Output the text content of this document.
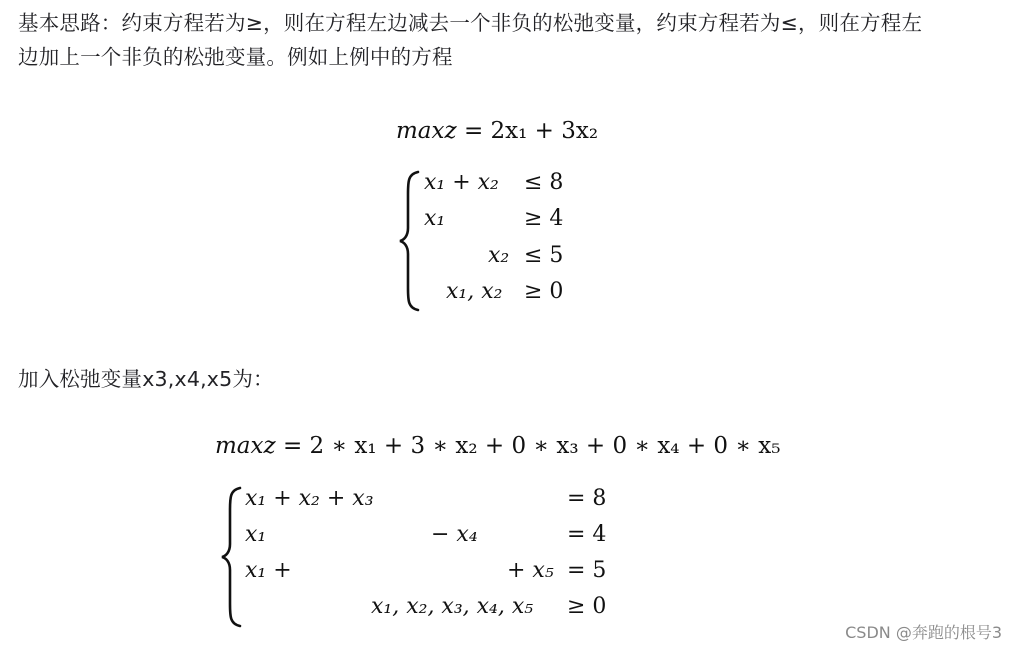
基本思路：约束方程若为≥，则在方程左边减去一个非负的松弛变量，约束方程若为≤，则在方程左
边加上一个非负的松弛变量。例如上例中的方程

maxz = 2x₁ + 3x₂
x₁ + x₂ ≤ 8
x₁	≥ 4
x₂ ≤ 5
x₁, x₂ ≥ 0

加入松弛变量x3,x4,x5为：

maxz = 2 ∗ x₁ + 3 ∗ x₂ + 0 ∗ x₃ + 0 ∗ x₄ + 0 ∗ x₅
x₁ + x₂ + x₃	= 8
x₁	− x₄	= 4
x₁ +	+ x₅ = 5
x₁, x₂, x₃, x₄, x₅ ≥ 0
CSDN @奔跑的根号3
